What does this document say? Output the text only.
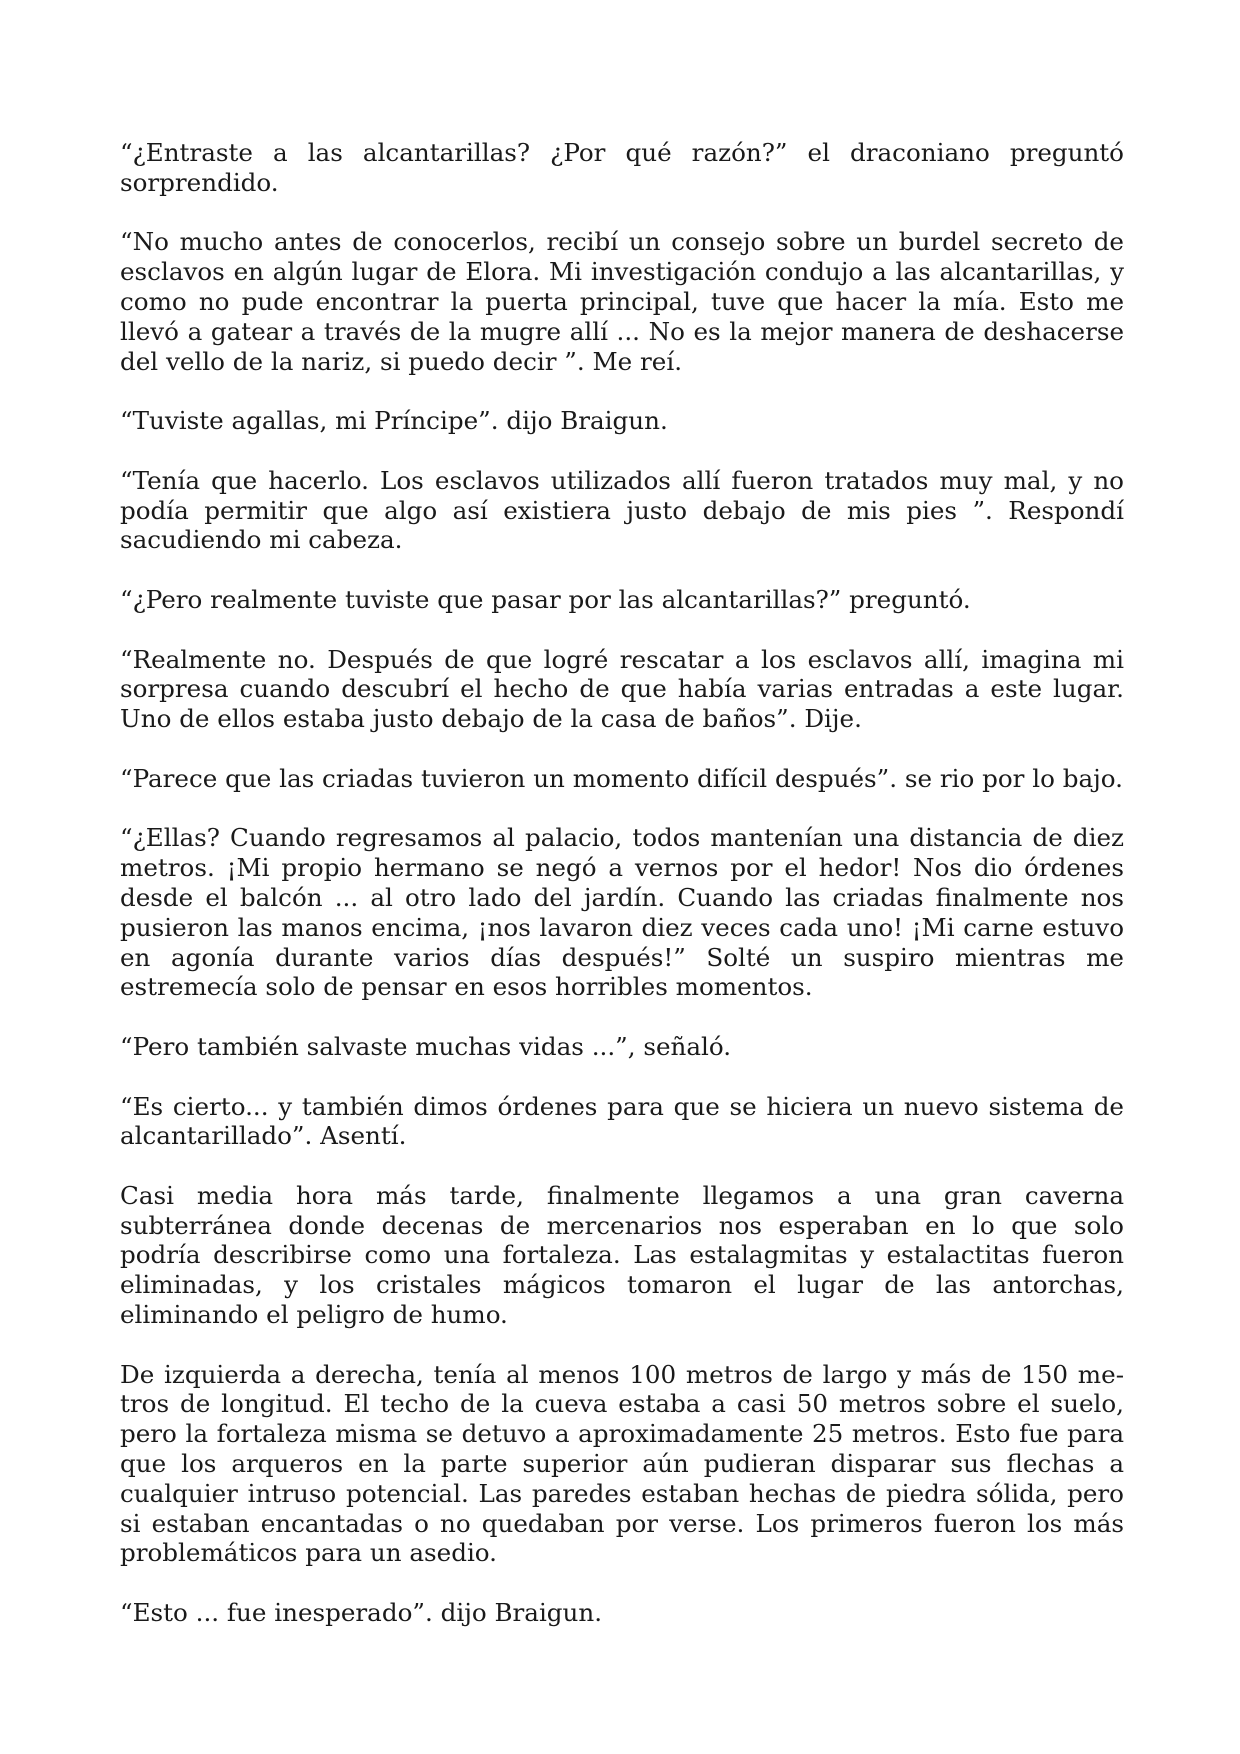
“¿Entraste a las alcantarillas? ¿Por qué razón?” el draconiano preguntó sorprendido.

“No mucho antes de conocerlos, recibí un consejo sobre un burdel secreto de esclavos en algún lugar de Elora. Mi investigación condujo a las alcantarillas, y como no pude encontrar la puerta principal, tuve que hacer la mía. Esto me llevó a gatear a través de la mugre allí ... No es la mejor manera de deshacerse del vello de la nariz, si puedo decir ”. Me reí.

“Tuviste agallas, mi Príncipe”. dijo Braigun.

“Tenía que hacerlo. Los esclavos utilizados allí fueron tratados muy mal, y no podía permitir que algo así existiera justo debajo de mis pies ”. Respondí sacudiendo mi cabeza.

“¿Pero realmente tuviste que pasar por las alcantarillas?” preguntó.

“Realmente no. Después de que logré rescatar a los esclavos allí, imagina mi sorpresa cuando descubrí el hecho de que había varias entradas a este lugar. Uno de ellos estaba justo debajo de la casa de baños”. Dije.

“Parece que las criadas tuvieron un momento difícil después”. se rio por lo bajo.

“¿Ellas? Cuando regresamos al palacio, todos mantenían una distancia de diez metros. ¡Mi propio hermano se negó a vernos por el hedor! Nos dio órdenes desde el balcón ... al otro lado del jardín. Cuando las criadas finalmente nos pusieron las manos encima, ¡nos lavaron diez veces cada uno! ¡Mi carne estuvo en agonía durante varios días después!” Solté un suspiro mientras me estremecía solo de pensar en esos horribles momentos.

“Pero también salvaste muchas vidas ...”, señaló.

“Es cierto... y también dimos órdenes para que se hiciera un nuevo sistema de alcantarillado”. Asentí.

Casi media hora más tarde, finalmente llegamos a una gran caverna subterránea donde decenas de mercenarios nos esperaban en lo que solo podría describirse como una fortaleza. Las estalagmitas y estalactitas fueron eliminadas, y los cristales mágicos tomaron el lugar de las antorchas, eliminando el peligro de humo.

De izquierda a derecha, tenía al menos 100 metros de largo y más de 150 metros de longitud. El techo de la cueva estaba a casi 50 metros sobre el suelo, pero la fortaleza misma se detuvo a aproximadamente 25 metros. Esto fue para que los arqueros en la parte superior aún pudieran disparar sus flechas a cualquier intruso potencial. Las paredes estaban hechas de piedra sólida, pero si estaban encantadas o no quedaban por verse. Los primeros fueron los más problemáticos para un asedio.

“Esto ... fue inesperado”. dijo Braigun.
